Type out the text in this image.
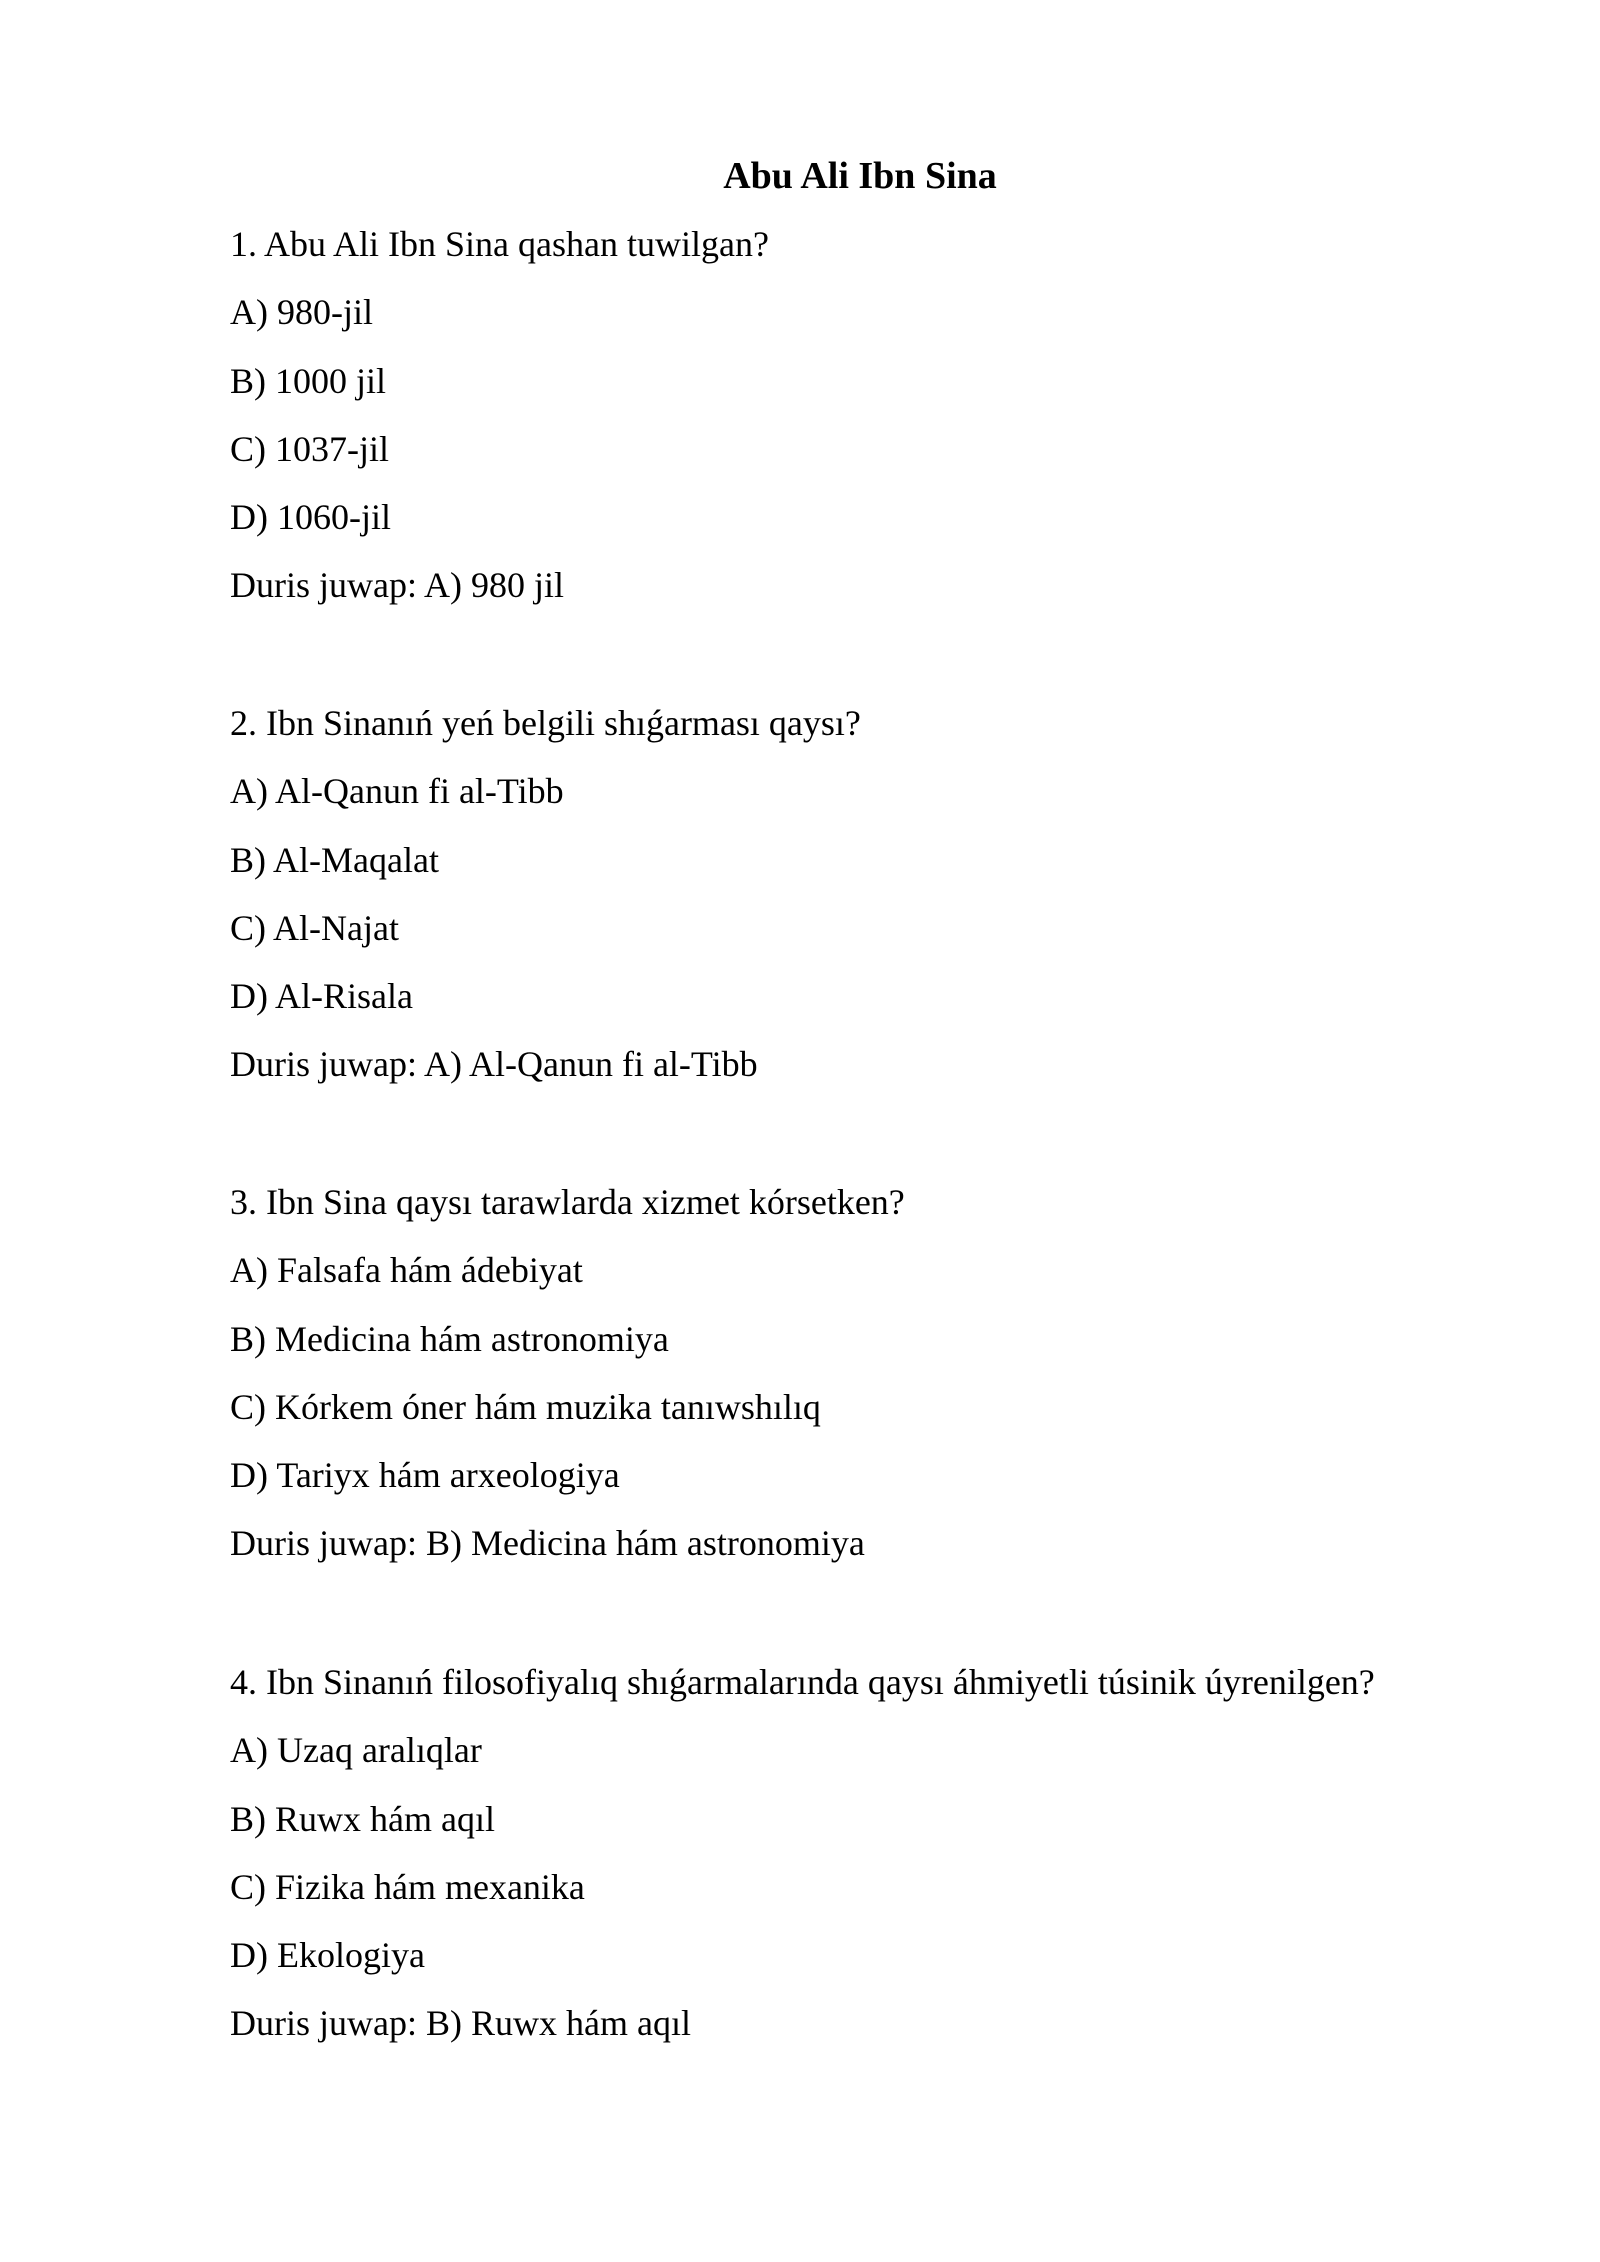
Abu Ali Ibn Sina

1. Abu Ali Ibn Sina qashan tuwilgan?

A) 980-jil

B) 1000 jil

C) 1037-jil

D) 1060-jil

Duris juwap: A) 980 jil

2. Ibn Sinanıń yeń belgili shıǵarması qaysı?

A) Al-Qanun fi al-Tibb

B) Al-Maqalat

C) Al-Najat

D) Al-Risala

Duris juwap: A) Al-Qanun fi al-Tibb

3. Ibn Sina qaysı tarawlarda xizmet kórsetken?

A) Falsafa hám ádebiyat

B) Medicina hám astronomiya

C) Kórkem óner hám muzika tanıwshılıq

D) Tariyx hám arxeologiya

Duris juwap: B) Medicina hám astronomiya

4. Ibn Sinanıń filosofiyalıq shıǵarmalarında qaysı áhmiyetli túsinik úyrenilgen?

A) Uzaq aralıqlar

B) Ruwx hám aqıl

C) Fizika hám mexanika

D) Ekologiya

Duris juwap: B) Ruwx hám aqıl
